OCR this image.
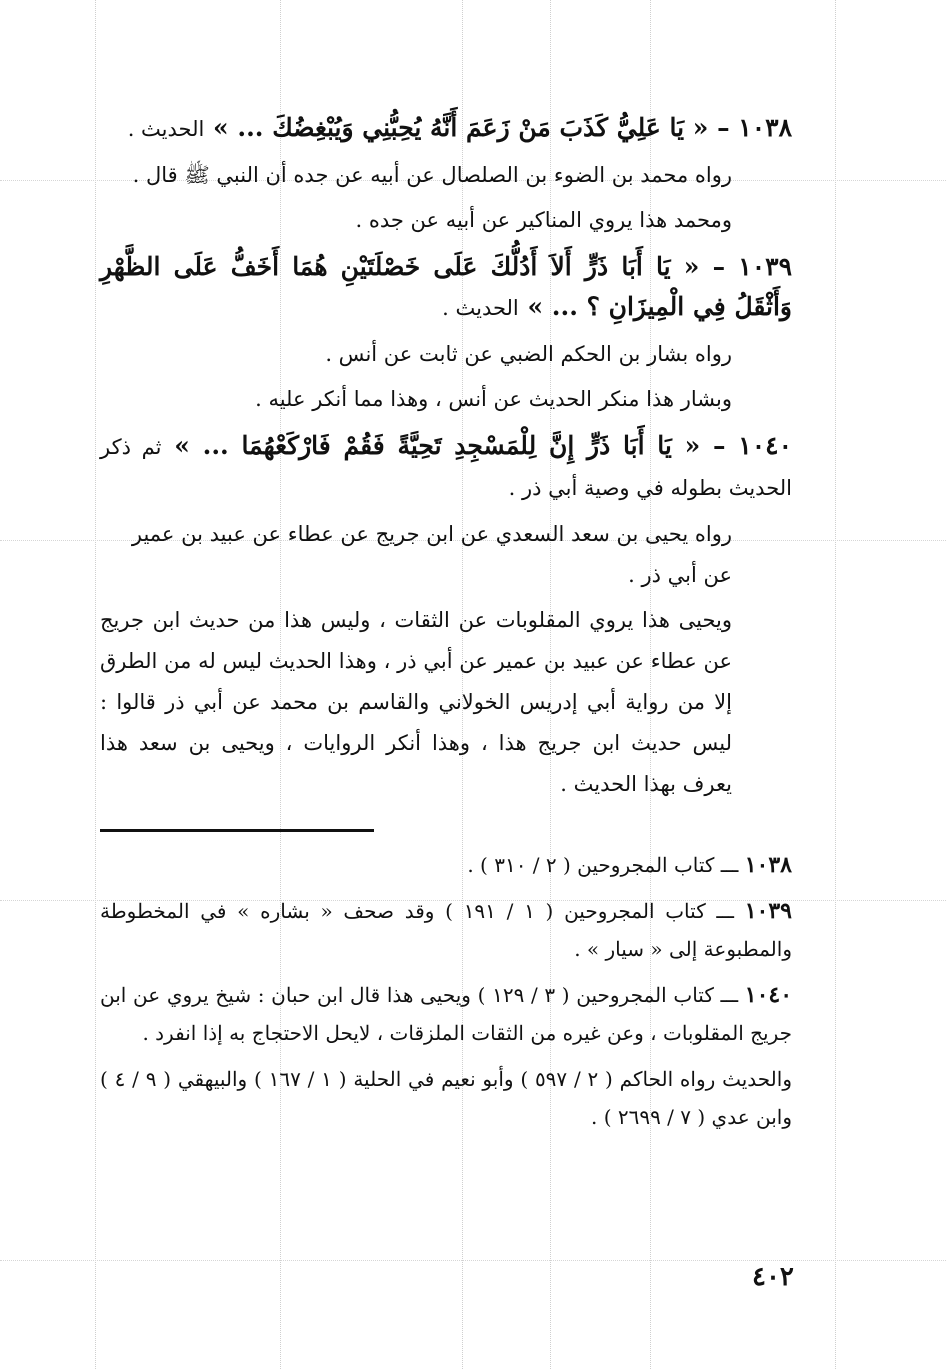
١٠٣٨ – « يَا عَلِيُّ كَذَبَ مَنْ زَعَمَ أَنَّهُ يُحِبُّنِي وَيُبْغِضُكَ ... » الحديث .

رواه محمد بن الضوء بن الصلصال عن أبيه عن جده أن النبي ﷺ قال .

ومحمد هذا يروي المناكير عن أبيه عن جده .

١٠٣٩ – « يَا أَبَا ذَرٍّ أَلاَ أَدُلُّكَ عَلَى خَصْلَتَيْنِ هُمَا أَخَفُّ عَلَى الظَّهْرِ وَأَثْقَلُ فِي الْمِيزَانِ ؟ ... » الحديث .

رواه بشار بن الحكم الضبي عن ثابت عن أنس .

وبشار هذا منكر الحديث عن أنس ، وهذا مما أنكر عليه .

١٠٤٠ – « يَا أَبَا ذَرٍّ إِنَّ لِلْمَسْجِدِ تَحِيَّةً فَقُمْ فَارْكَعْهُمَا ... » ثم ذكر الحديث بطوله في وصية أبي ذر .

رواه يحيى بن سعد السعدي عن ابن جريج عن عطاء عن عبيد بن عمير عن أبي ذر .

ويحيى هذا يروي المقلوبات عن الثقات ، وليس هذا من حديث ابن جريج عن عطاء عن عبيد بن عمير عن أبي ذر ، وهذا الحديث ليس له من الطرق إلا من رواية أبي إدريس الخولاني والقاسم بن محمد عن أبي ذر قالوا : ليس حديث ابن جريج هذا ، وهذا أنكر الروايات ، ويحيى بن سعد هذا يعرف بهذا الحديث .

١٠٣٨ ـــ كتاب المجروحين ( ٢ / ٣١٠ ) .

١٠٣٩ ـــ كتاب المجروحين ( ١ / ١٩١ ) وقد صحف « بشاره » في المخطوطة والمطبوعة إلى « سيار » .

١٠٤٠ ـــ كتاب المجروحين ( ٣ / ١٢٩ ) ويحيى هذا قال ابن حبان : شيخ يروي عن ابن جريج المقلوبات ، وعن غيره من الثقات الملزقات ، لايحل الاحتجاج به إذا انفرد .

والحديث رواه الحاكم ( ٢ / ٥٩٧ ) وأبو نعيم في الحلية ( ١ / ١٦٧ ) والبيهقي ( ٩ / ٤ ) وابن عدي ( ٧ / ٢٦٩٩ ) .

٤٠٢
